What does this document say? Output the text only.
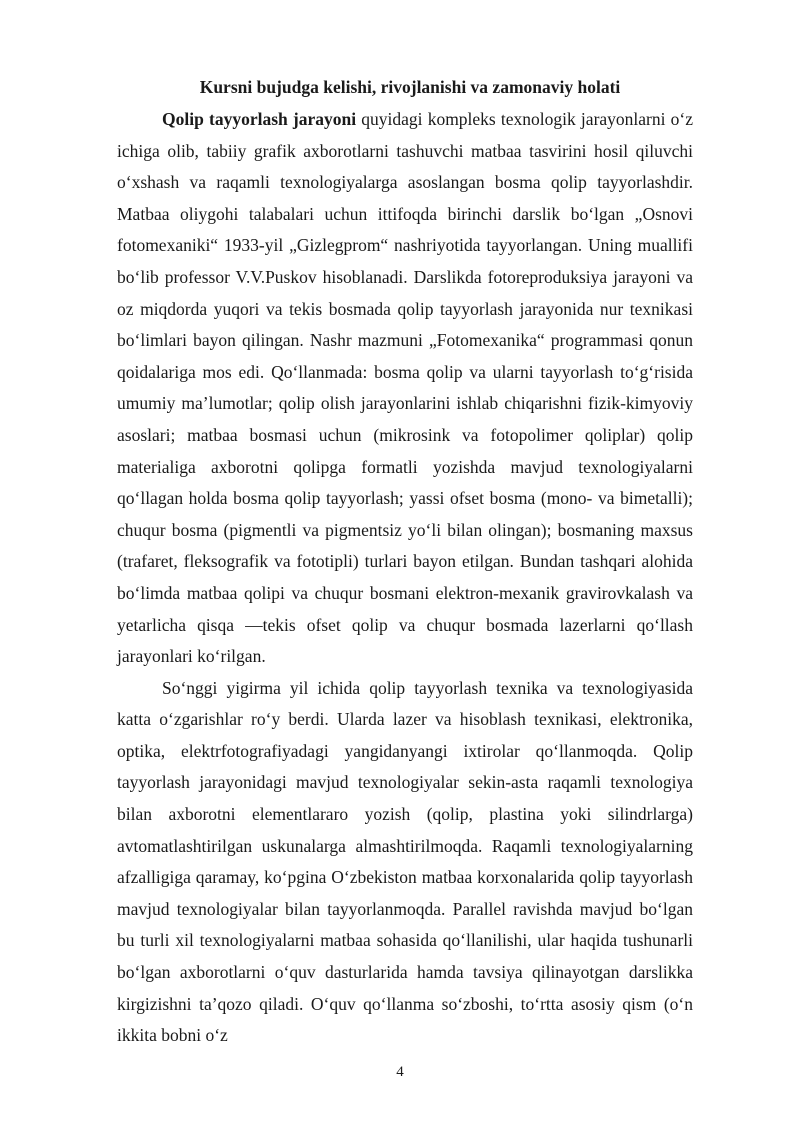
Kursni bujudga kelishi, rivojlanishi va zamonaviy holati

Qolip tayyorlash jarayoni quyidagi kompleks texnologik jarayonlarni o‘z ichiga olib, tabiiy grafik axborotlarni tashuvchi matbaa tasvirini hosil qiluvchi o‘xshash va raqamli texnologiyalarga asoslangan bosma qolip tayyorlashdir. Matbaa oliygohi talabalari uchun ittifoqda birinchi darslik bo‘lgan „Osnovi fotomexaniki“ 1933-yil „Gizlegprom“ nashriyotida tayyorlangan. Uning muallifi bo‘lib professor V.V.Puskov hisoblanadi. Darslikda fotoreproduksiya jarayoni va oz miqdorda yuqori va tekis bosmada qolip tayyorlash jarayonida nur texnikasi bo‘limlari bayon qilingan. Nashr mazmuni „Fotomexanika“ programmasi qonun qoidalariga mos edi. Qo‘llanmada: bosma qolip va ularni tayyorlash to‘g‘risida umumiy ma’lumotlar; qolip olish jarayonlarini ishlab chiqarishni fizik-kimyoviy asoslari; matbaa bosmasi uchun (mikrosink va fotopolimer qoliplar) qolip materialiga axborotni qolipga formatli yozishda mavjud texnologiyalarni qo‘llagan holda bosma qolip tayyorlash; yassi ofset bosma (mono- va bimetalli); chuqur bosma (pigmentli va pigmentsiz yo‘li bilan olingan); bosmaning maxsus (trafaret, fleksografik va fototipli) turlari bayon etilgan. Bundan tashqari alohida bo‘limda matbaa qolipi va chuqur bosmani elektron-mexanik gravirovkalash va yetarlicha qisqa —tekis ofset qolip va chuqur bosmada lazerlarni qo‘llash jarayonlari ko‘rilgan.

So‘nggi yigirma yil ichida qolip tayyorlash texnika va texnologiyasida katta o‘zgarishlar ro‘y berdi. Ularda lazer va hisoblash texnikasi, elektronika, optika, elektrfotografiyadagi yangidanyangi ixtirolar qo‘llanmoqda. Qolip tayyorlash jarayonidagi mavjud texnologiyalar sekin-asta raqamli texnologiya bilan axborotni elementlararo yozish (qolip, plastina yoki silindrlarga) avtomatlashtirilgan uskunalarga almashtirilmoqda. Raqamli texnologiyalarning afzalligiga qaramay, ko‘pgina O‘zbekiston matbaa korxonalarida qolip tayyorlash mavjud texnologiyalar bilan tayyorlanmoqda. Parallel ravishda mavjud bo‘lgan bu turli xil texnologiyalarni matbaa sohasida qo‘llanilishi, ular haqida tushunarli bo‘lgan axborotlarni o‘quv dasturlarida hamda tavsiya qilinayotgan darslikka kirgizishni ta’qozo qiladi. O‘quv qo‘llanma so‘zboshi, to‘rtta asosiy qism (o‘n ikkita bobni o‘z

4
